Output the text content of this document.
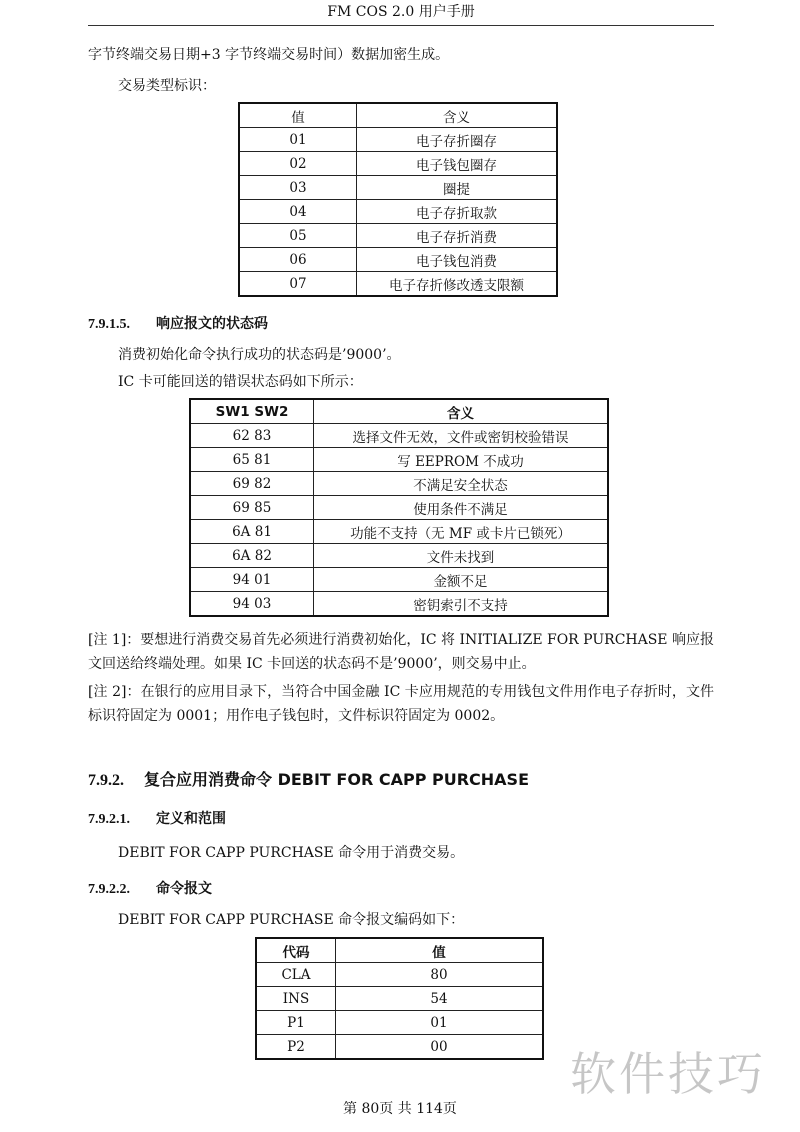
FM COS 2.0 用户手册
字节终端交易日期+3 字节终端交易时间）数据加密生成。
交易类型标识：
值	含义
01	电子存折圈存
02	电子钱包圈存
03	圈提
04	电子存折取款
05	电子存折消费
06	电子钱包消费
07	电子存折修改透支限额
7.9.1.5. 响应报文的状态码
消费初始化命令执行成功的状态码是’9000’。
IC 卡可能回送的错误状态码如下所示：
SW1 SW2	含义
62 83	选择文件无效，文件或密钥校验错误
65 81	写 EEPROM 不成功
69 82	不满足安全状态
69 85	使用条件不满足
6A 81	功能不支持（无 MF 或卡片已锁死）
6A 82	文件未找到
94 01	金额不足
94 03	密钥索引不支持
[注 1]：要想进行消费交易首先必须进行消费初始化，IC 将 INITIALIZE FOR PURCHASE 响应报文回送给终端处理。如果 IC 卡回送的状态码不是’9000’，则交易中止。
[注 2]：在银行的应用目录下，当符合中国金融 IC 卡应用规范的专用钱包文件用作电子存折时，文件标识符固定为 0001；用作电子钱包时，文件标识符固定为 0002。
7.9.2. 复合应用消费命令 DEBIT FOR CAPP PURCHASE
7.9.2.1. 定义和范围
DEBIT FOR CAPP PURCHASE 命令用于消费交易。
7.9.2.2. 命令报文
DEBIT FOR CAPP PURCHASE 命令报文编码如下：
代码	值
CLA	80
INS	54
P1	01
P2	00
软件技巧
第 80页 共 114页
